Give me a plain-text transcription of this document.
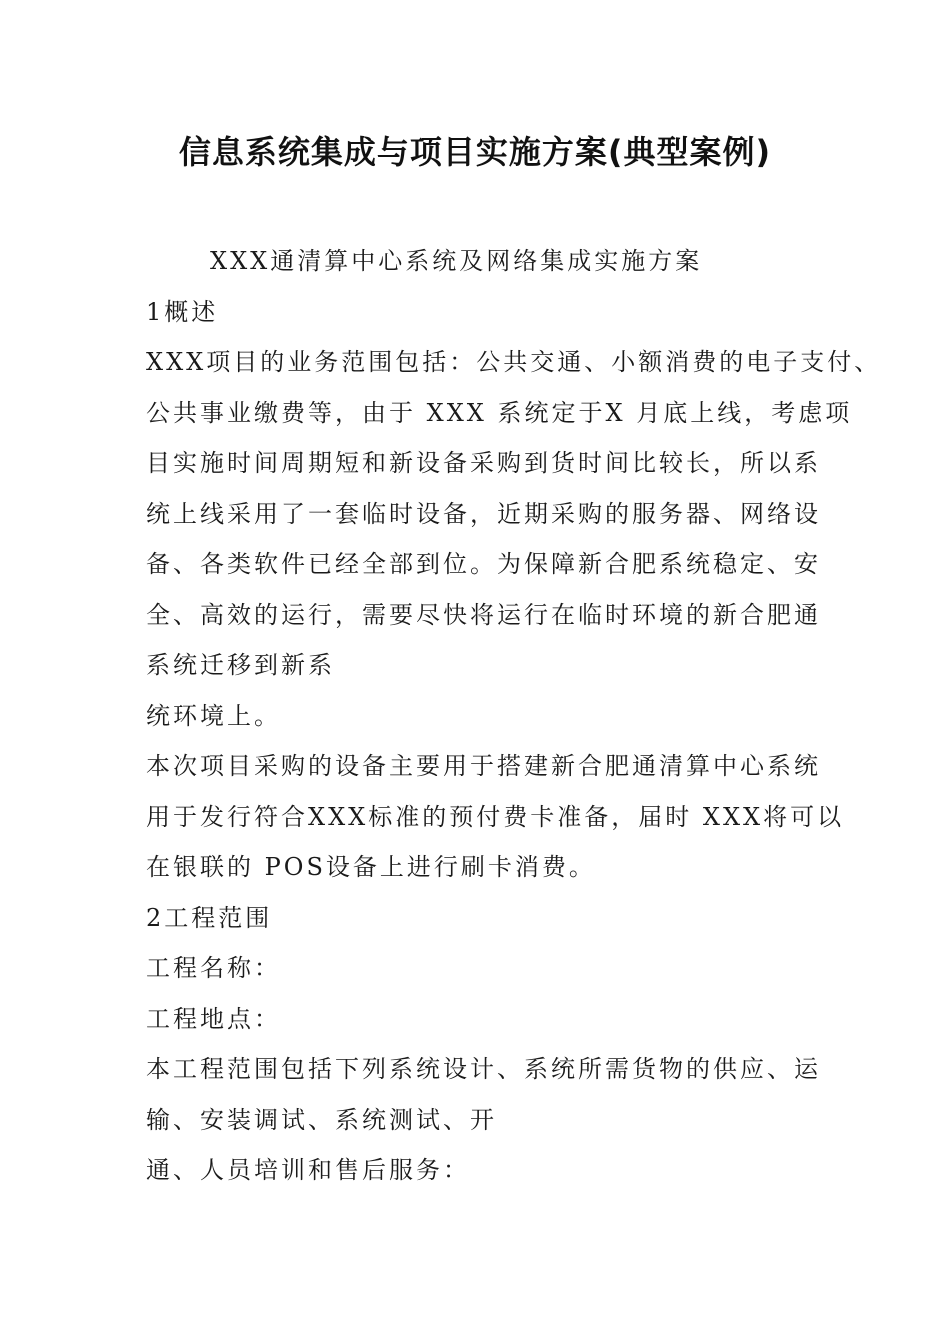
信息系统集成与项目实施方案(典型案例)
XXX通清算中心系统及网络集成实施方案
1概述
XXX项目的业务范围包括：公共交通、小额消费的电子支付、
公共事业缴费等，由于 XXX 系统定于X 月底上线，考虑项
目实施时间周期短和新设备采购到货时间比较长，所以系
统上线采用了一套临时设备，近期采购的服务器、网络设
备、各类软件已经全部到位。为保障新合肥系统稳定、安
全、高效的运行，需要尽快将运行在临时环境的新合肥通
系统迁移到新系
统环境上。
本次项目采购的设备主要用于搭建新合肥通清算中心系统
用于发行符合XXX标准的预付费卡准备，届时 XXX将可以
在银联的 POS设备上进行刷卡消费。
2工程范围
工程名称：
工程地点：
本工程范围包括下列系统设计、系统所需货物的供应、运
输、安装调试、系统测试、开
通、人员培训和售后服务：
